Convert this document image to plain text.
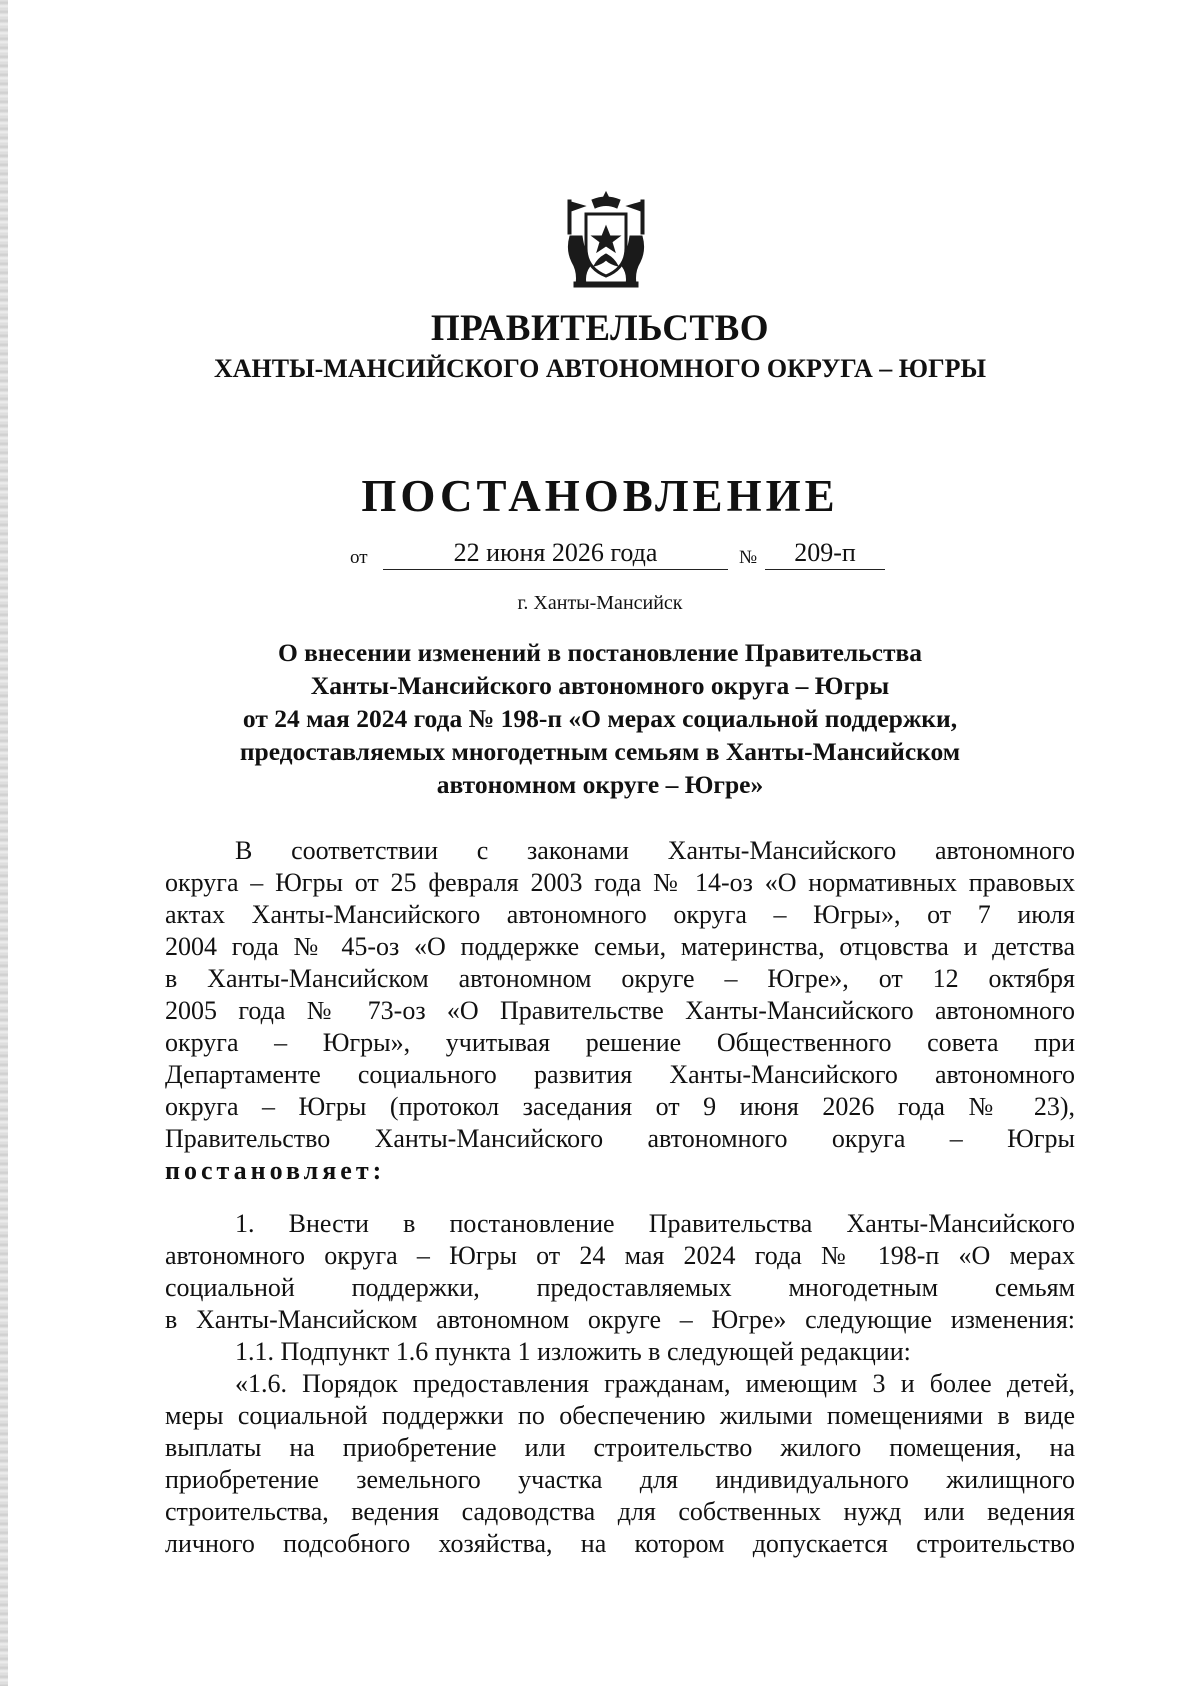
ПРАВИТЕЛЬСТВО
ХАНТЫ-МАНСИЙСКОГО АВТОНОМНОГО ОКРУГА – ЮГРЫ
ПОСТАНОВЛЕНИЕ
от	22 июня 2026 года	№	209-п
г. Ханты-Мансийск
О внесении изменений в постановление Правительства
Ханты-Мансийского автономного округа – Югры
от 24 мая 2024 года № 198-п «О мерах социальной поддержки,
предоставляемых многодетным семьям в Ханты-Мансийском
автономном округе – Югре»
В соответствии с законами Ханты-Мансийского автономного
округа – Югры от 25 февраля 2003 года № 14-оз «О нормативных правовых
актах Ханты-Мансийского автономного округа – Югры», от 7 июля
2004 года № 45-оз «О поддержке семьи, материнства, отцовства и детства
в Ханты-Мансийском автономном округе – Югре», от 12 октября
2005 года № 73-оз «О Правительстве Ханты-Мансийского автономного
округа – Югры», учитывая решение Общественного совета при
Департаменте социального развития Ханты-Мансийского автономного
округа – Югры (протокол заседания от 9 июня 2026 года № 23),
Правительство Ханты-Мансийского автономного округа – Югры
постановляет:
1. Внести в постановление Правительства Ханты-Мансийского
автономного округа – Югры от 24 мая 2024 года № 198-п «О мерах
социальной поддержки, предоставляемых многодетным семьям
в Ханты-Мансийском автономном округе – Югре» следующие изменения:
1.1. Подпункт 1.6 пункта 1 изложить в следующей редакции:
«1.6. Порядок предоставления гражданам, имеющим 3 и более детей,
меры социальной поддержки по обеспечению жилыми помещениями в виде
выплаты на приобретение или строительство жилого помещения, на
приобретение земельного участка для индивидуального жилищного
строительства, ведения садоводства для собственных нужд или ведения
личного подсобного хозяйства, на котором допускается строительство
